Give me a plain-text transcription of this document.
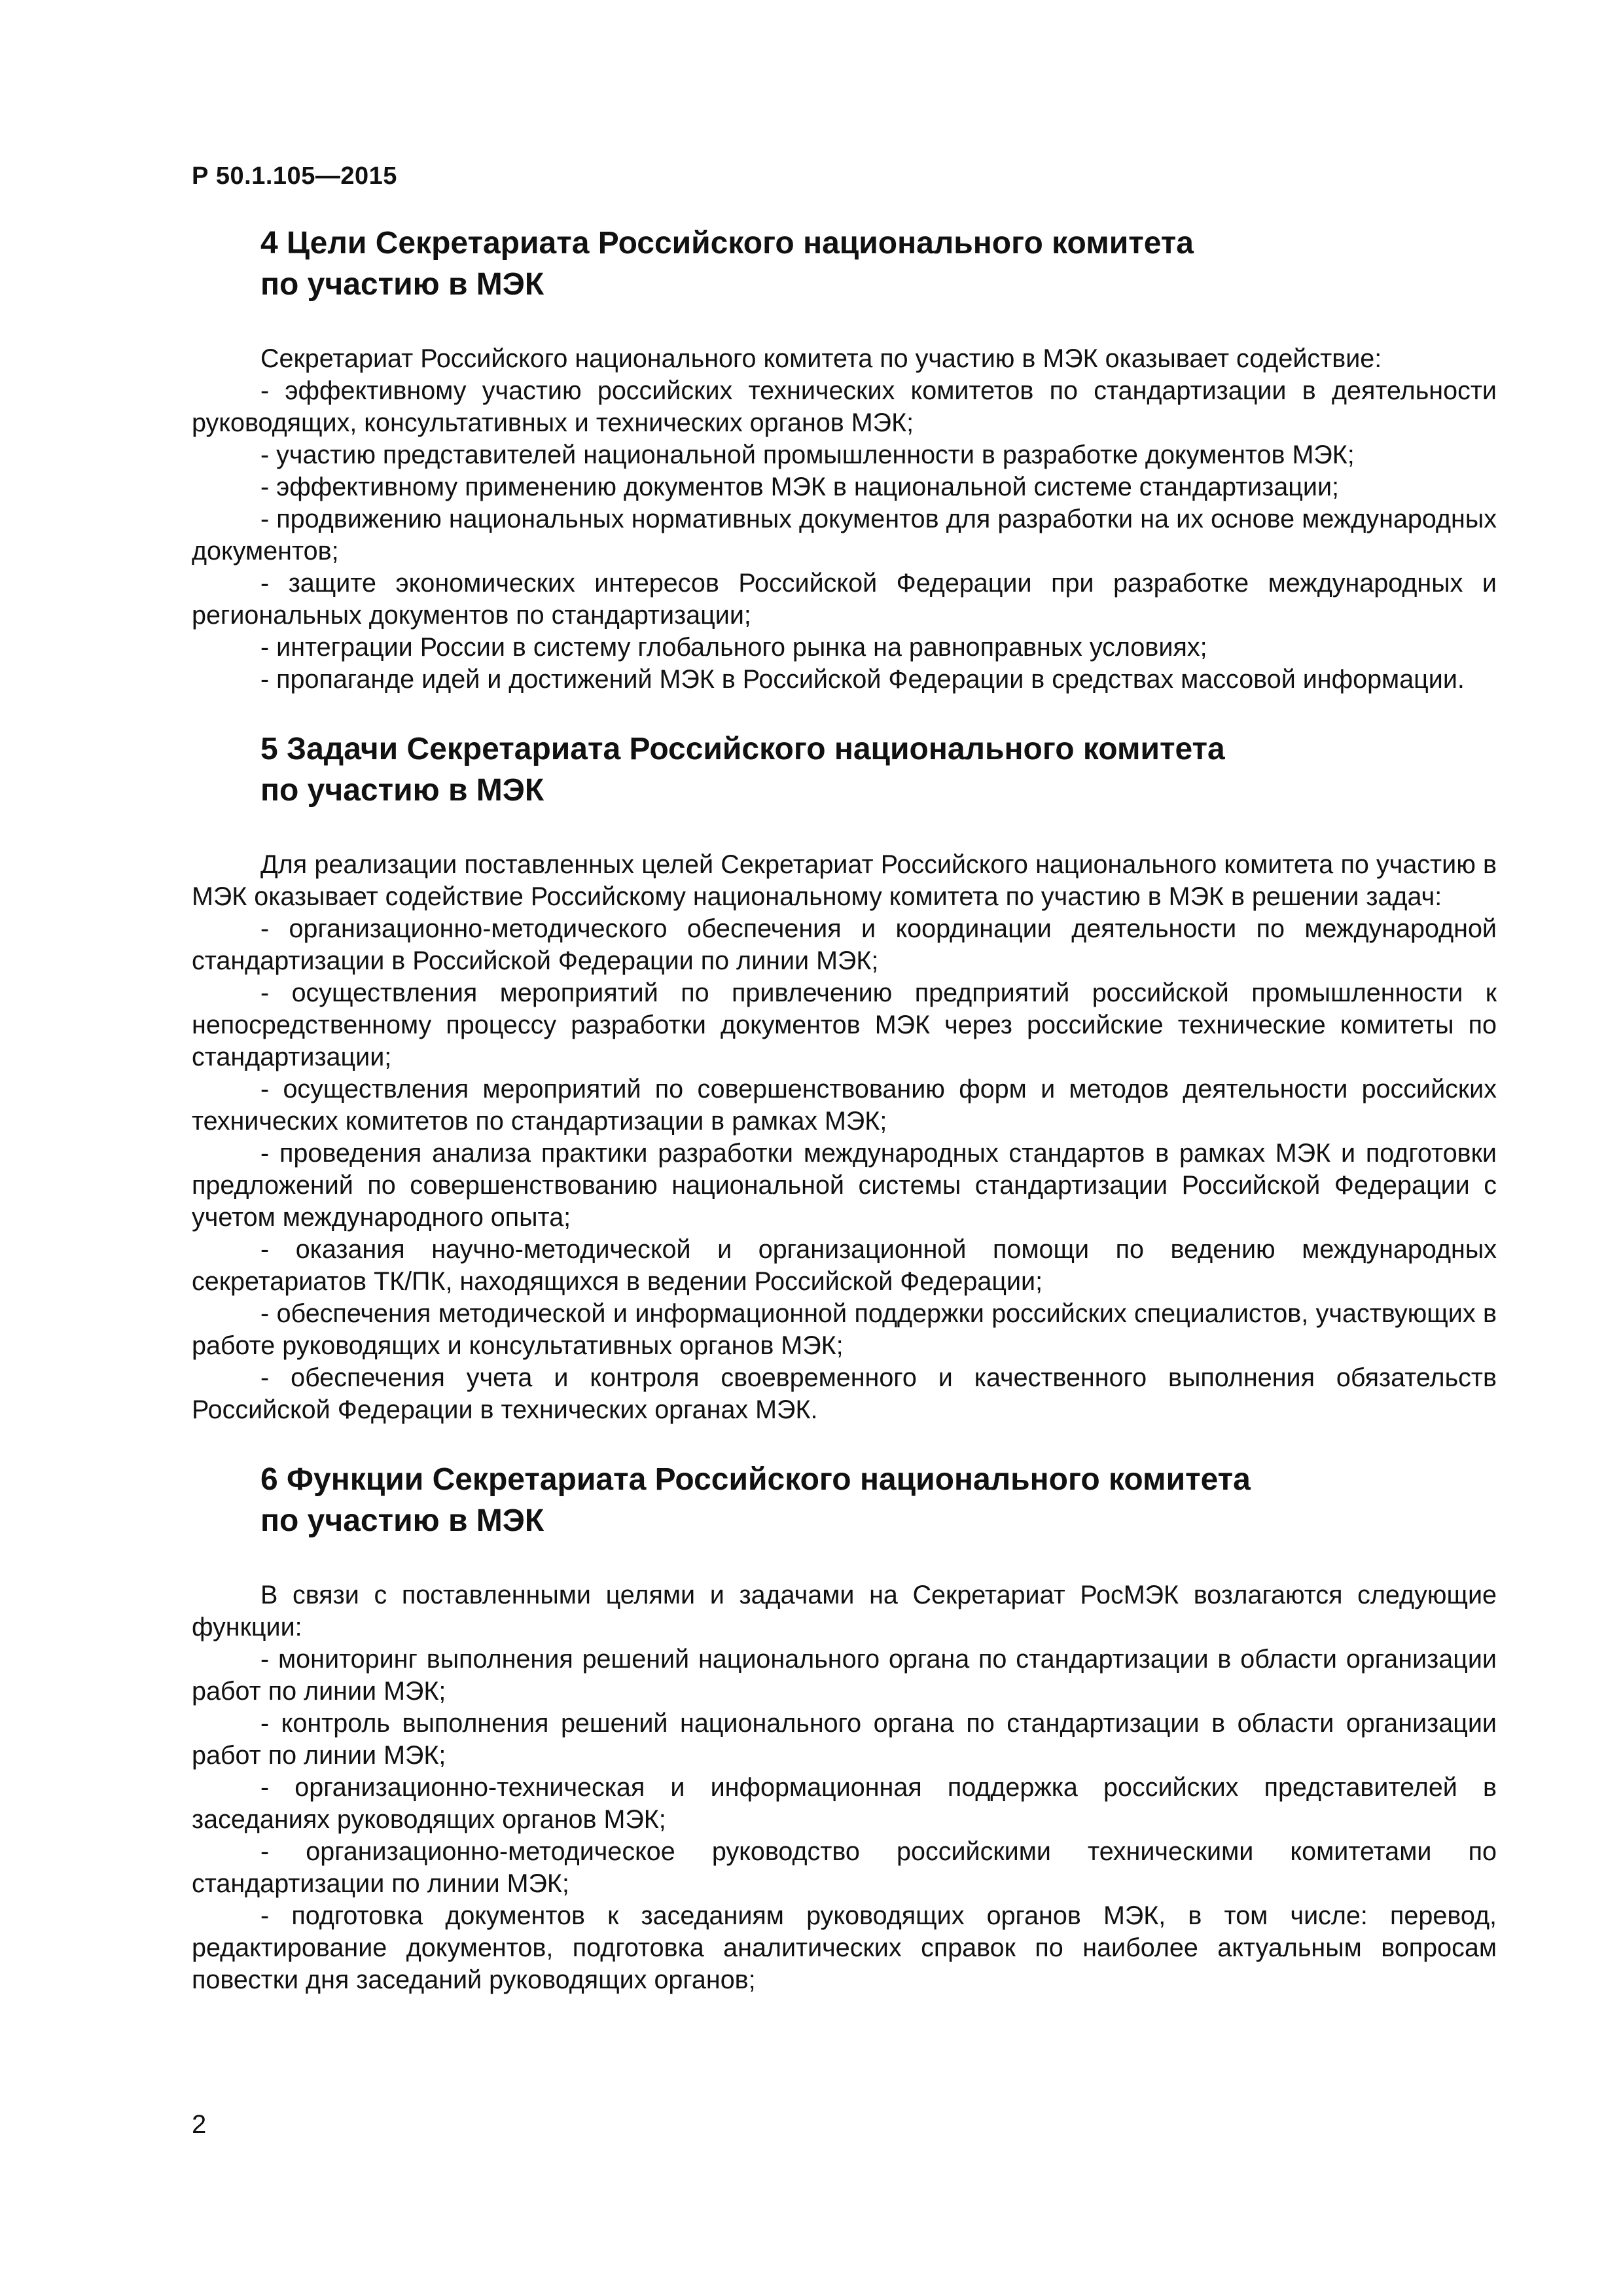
Р 50.1.105—2015
4 Цели Секретариата Российского национального комитета
по участию в МЭК

Секретариат Российского национального комитета по участию в МЭК оказывает содействие:

- эффективному участию российских технических комитетов по стандартизации в деятельности руководящих, консультативных и технических органов МЭК;

- участию представителей национальной промышленности в разработке документов МЭК;

- эффективному применению документов МЭК в национальной системе стандартизации;

- продвижению национальных нормативных документов для разработки на их основе международных документов;

- защите экономических интересов Российской Федерации при разработке международных и региональных документов по стандартизации;

- интеграции России в систему глобального рынка на равноправных условиях;

- пропаганде идей и достижений МЭК в Российской Федерации в средствах массовой информации.

5 Задачи Секретариата Российского национального комитета
по участию в МЭК

Для реализации поставленных целей Секретариат Российского национального комитета по участию в МЭК оказывает содействие Российскому национальному комитета по участию в МЭК в решении задач:

- организационно-методического обеспечения и координации деятельности по международной стандартизации в Российской Федерации по линии МЭК;

- осуществления мероприятий по привлечению предприятий российской промышленности к непосредственному процессу разработки документов МЭК через российские технические комитеты по стандартизации;

- осуществления мероприятий по совершенствованию форм и методов деятельности российских технических комитетов по стандартизации в рамках МЭК;

- проведения анализа практики разработки международных стандартов в рамках МЭК и подготовки предложений по совершенствованию национальной системы стандартизации Российской Федерации с учетом международного опыта;

- оказания научно-методической и организационной помощи по ведению международных секретариатов ТК/ПК, находящихся в ведении Российской Федерации;

- обеспечения методической и информационной поддержки российских специалистов, участвующих в работе руководящих и консультативных органов МЭК;

- обеспечения учета и контроля своевременного и качественного выполнения обязательств Российской Федерации в технических органах МЭК.

6 Функции Секретариата Российского национального комитета
по участию в МЭК

В связи с поставленными целями и задачами на Секретариат РосМЭК возлагаются следующие функции:

- мониторинг выполнения решений национального органа по стандартизации в области организации работ по линии МЭК;

- контроль выполнения решений национального органа по стандартизации в области организации работ по линии МЭК;

- организационно-техническая и информационная поддержка российских представителей в заседаниях руководящих органов МЭК;

- организационно-методическое руководство российскими техническими комитетами по стандартизации по линии МЭК;

- подготовка документов к заседаниям руководящих органов МЭК, в том числе: перевод, редактирование документов, подготовка аналитических справок по наиболее актуальным вопросам повестки дня заседаний руководящих органов;

2
